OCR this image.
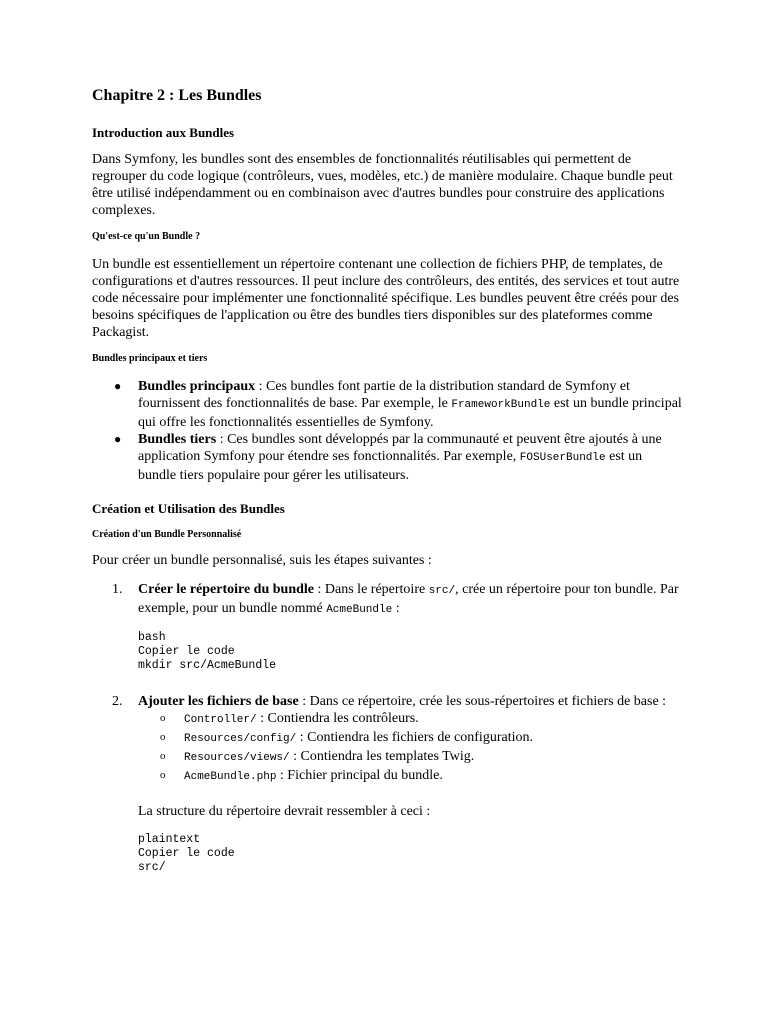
Chapitre 2 : Les Bundles
Introduction aux Bundles

Dans Symfony, les bundles sont des ensembles de fonctionnalités réutilisables qui permettent de regrouper du code logique (contrôleurs, vues, modèles, etc.) de manière modulaire. Chaque bundle peut être utilisé indépendamment ou en combinaison avec d'autres bundles pour construire des applications complexes.

Qu'est-ce qu'un Bundle ?

Un bundle est essentiellement un répertoire contenant une collection de fichiers PHP, de templates, de configurations et d'autres ressources. Il peut inclure des contrôleurs, des entités, des services et tout autre code nécessaire pour implémenter une fonctionnalité spécifique. Les bundles peuvent être créés pour des besoins spécifiques de l'application ou être des bundles tiers disponibles sur des plateformes comme Packagist.

Bundles principaux et tiers
● Bundles principaux : Ces bundles font partie de la distribution standard de Symfony et fournissent des fonctionnalités de base. Par exemple, le FrameworkBundle est un bundle principal qui offre les fonctionnalités essentielles de Symfony.
● Bundles tiers : Ces bundles sont développés par la communauté et peuvent être ajoutés à une application Symfony pour étendre ses fonctionnalités. Par exemple, FOSUserBundle est un bundle tiers populaire pour gérer les utilisateurs.
Création et Utilisation des Bundles
Création d'un Bundle Personnalisé

Pour créer un bundle personnalisé, suis les étapes suivantes :

1. Créer le répertoire du bundle : Dans le répertoire src/, crée un répertoire pour ton bundle. Par exemple, pour un bundle nommé AcmeBundle :
bash
Copier le code
mkdir src/AcmeBundle
2. Ajouter les fichiers de base : Dans ce répertoire, crée les sous-répertoires et fichiers de base :
o Controller/ : Contiendra les contrôleurs.
o Resources/config/ : Contiendra les fichiers de configuration.
o Resources/views/ : Contiendra les templates Twig.
o AcmeBundle.php : Fichier principal du bundle.

La structure du répertoire devrait ressembler à ceci :

plaintext
Copier le code
src/
